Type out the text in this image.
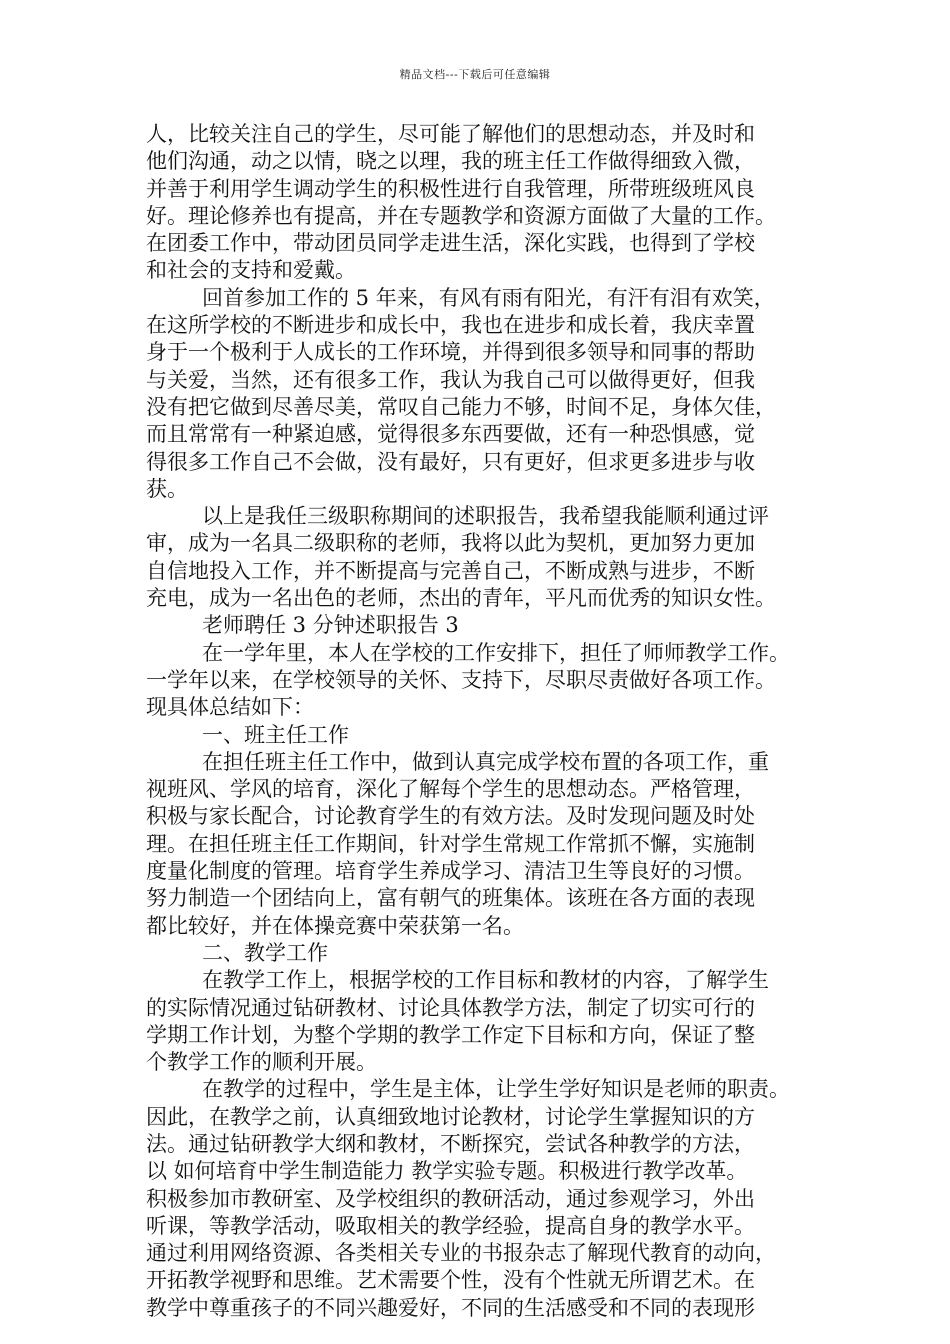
精品文档---下载后可任意编辑
人，比较关注自己的学生，尽可能了解他们的思想动态，并及时和
他们沟通，动之以情，晓之以理，我的班主任工作做得细致入微，
并善于利用学生调动学生的积极性进行自我管理，所带班级班风良
好。理论修养也有提高，并在专题教学和资源方面做了大量的工作。
在团委工作中，带动团员同学走进生活，深化实践，也得到了学校
和社会的支持和爱戴。
回首参加工作的 5 年来，有风有雨有阳光，有汗有泪有欢笑，
在这所学校的不断进步和成长中，我也在进步和成长着，我庆幸置
身于一个极利于人成长的工作环境，并得到很多领导和同事的帮助
与关爱，当然，还有很多工作，我认为我自己可以做得更好，但我
没有把它做到尽善尽美，常叹自己能力不够，时间不足，身体欠佳，
而且常常有一种紧迫感，觉得很多东西要做，还有一种恐惧感，觉
得很多工作自己不会做，没有最好，只有更好，但求更多进步与收
获。
以上是我任三级职称期间的述职报告，我希望我能顺利通过评
审，成为一名具二级职称的老师，我将以此为契机，更加努力更加
自信地投入工作，并不断提高与完善自己，不断成熟与进步，不断
充电，成为一名出色的老师，杰出的青年，平凡而优秀的知识女性。
老师聘任 3 分钟述职报告 3
在一学年里，本人在学校的工作安排下，担任了师师教学工作。
一学年以来，在学校领导的关怀、支持下，尽职尽责做好各项工作。
现具体总结如下：
一、班主任工作
在担任班主任工作中，做到认真完成学校布置的各项工作，重
视班风、学风的培育，深化了解每个学生的思想动态。严格管理，
积极与家长配合，讨论教育学生的有效方法。及时发现问题及时处
理。在担任班主任工作期间，针对学生常规工作常抓不懈，实施制
度量化制度的管理。培育学生养成学习、清洁卫生等良好的习惯。
努力制造一个团结向上，富有朝气的班集体。该班在各方面的表现
都比较好，并在体操竞赛中荣获第一名。
二、教学工作
在教学工作上，根据学校的工作目标和教材的内容，了解学生
的实际情况通过钻研教材、讨论具体教学方法，制定了切实可行的
学期工作计划，为整个学期的教学工作定下目标和方向，保证了整
个教学工作的顺利开展。
在教学的过程中，学生是主体，让学生学好知识是老师的职责。
因此，在教学之前，认真细致地讨论教材，讨论学生掌握知识的方
法。通过钻研教学大纲和教材，不断探究，尝试各种教学的方法，
以 如何培育中学生制造能力 教学实验专题。积极进行教学改革。
积极参加市教研室、及学校组织的教研活动，通过参观学习，外出
听课，等教学活动，吸取相关的教学经验，提高自身的教学水平。
通过利用网络资源、各类相关专业的书报杂志了解现代教育的动向，
开拓教学视野和思维。艺术需要个性，没有个性就无所谓艺术。在
教学中尊重孩子的不同兴趣爱好，不同的生活感受和不同的表现形
